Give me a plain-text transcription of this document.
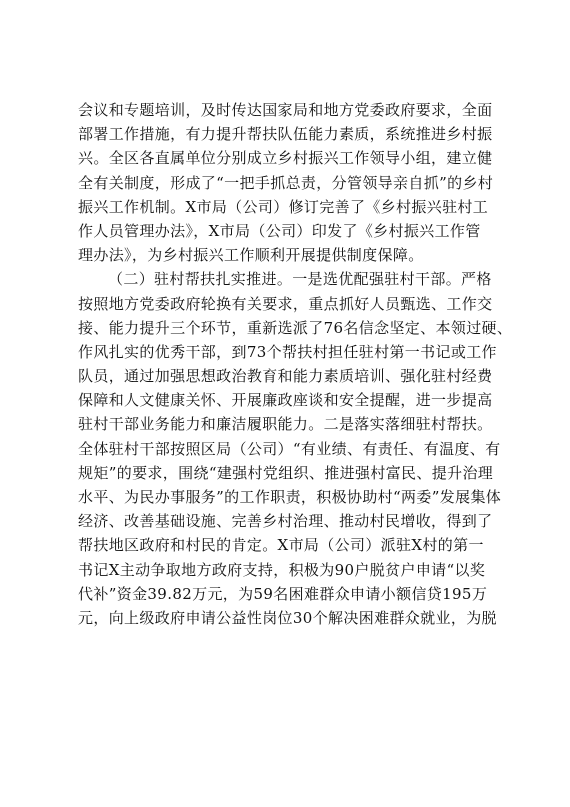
会议和专题培训，及时传达国家局和地方党委政府要求，全面
部署工作措施，有力提升帮扶队伍能力素质，系统推进乡村振
兴。全区各直属单位分别成立乡村振兴工作领导小组，建立健
全有关制度，形成了“一把手抓总责，分管领导亲自抓”的乡村
振兴工作机制。X市局（公司）修订完善了《乡村振兴驻村工
作人员管理办法》，X市局（公司）印发了《乡村振兴工作管
理办法》，为乡村振兴工作顺利开展提供制度保障。
（二）驻村帮扶扎实推进。一是选优配强驻村干部。严格
按照地方党委政府轮换有关要求，重点抓好人员甄选、工作交
接、能力提升三个环节，重新选派了76名信念坚定、本领过硬、
作风扎实的优秀干部，到73个帮扶村担任驻村第一书记或工作
队员，通过加强思想政治教育和能力素质培训、强化驻村经费
保障和人文健康关怀、开展廉政座谈和安全提醒，进一步提高
驻村干部业务能力和廉洁履职能力。二是落实落细驻村帮扶。
全体驻村干部按照区局（公司）“有业绩、有责任、有温度、有
规矩”的要求，围绕“建强村党组织、推进强村富民、提升治理
水平、为民办事服务”的工作职责，积极协助村“两委”发展集体
经济、改善基础设施、完善乡村治理、推动村民增收，得到了
帮扶地区政府和村民的肯定。X市局（公司）派驻X村的第一
书记X主动争取地方政府支持，积极为90户脱贫户申请“以奖
代补”资金39.82万元，为59名困难群众申请小额信贷195万
元，向上级政府申请公益性岗位30个解决困难群众就业，为脱
